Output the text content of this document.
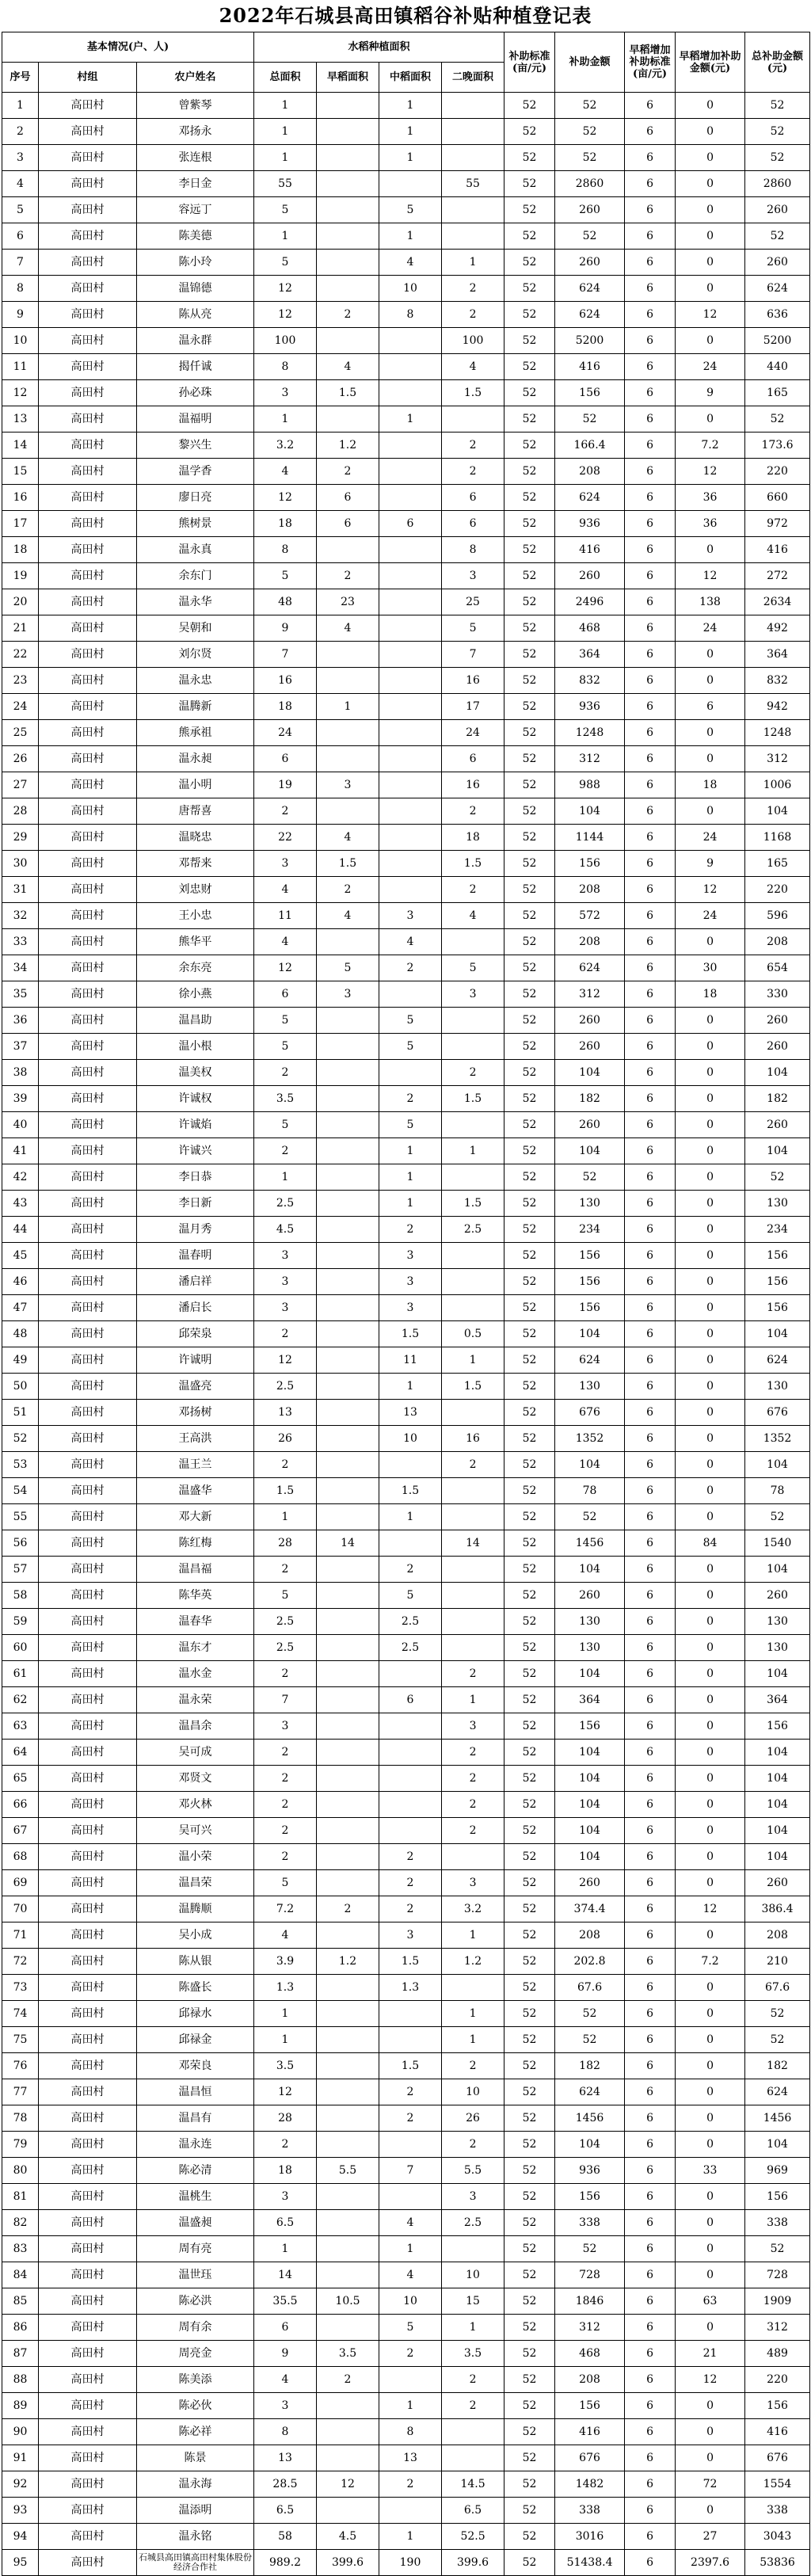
2022年石城县高田镇稻谷补贴种植登记表
基本情况(户、人)			水稻种植面积				补助标准(亩/元)	补助金额	早稻增加补助标准(亩/元)	早稻增加补助金额(元)	总补助金额(元)
序号	村组	农户姓名	总面积	早稻面积	中稻面积	二晚面积					
1	高田村	曾紫琴	1		1		52	52	6	0	52
2	高田村	邓扬永	1		1		52	52	6	0	52
3	高田村	张连根	1		1		52	52	6	0	52
4	高田村	李日金	55			55	52	2860	6	0	2860
5	高田村	容远丁	5		5		52	260	6	0	260
6	高田村	陈美德	1		1		52	52	6	0	52
7	高田村	陈小玲	5		4	1	52	260	6	0	260
8	高田村	温锦德	12		10	2	52	624	6	0	624
9	高田村	陈从亮	12	2	8	2	52	624	6	12	636
10	高田村	温永群	100			100	52	5200	6	0	5200
11	高田村	揭仟诚	8	4		4	52	416	6	24	440
12	高田村	孙必珠	3	1.5		1.5	52	156	6	9	165
13	高田村	温福明	1		1		52	52	6	0	52
14	高田村	黎兴生	3.2	1.2		2	52	166.4	6	7.2	173.6
15	高田村	温学香	4	2		2	52	208	6	12	220
16	高田村	廖日亮	12	6		6	52	624	6	36	660
17	高田村	熊树景	18	6	6	6	52	936	6	36	972
18	高田村	温永真	8			8	52	416	6	0	416
19	高田村	余东门	5	2		3	52	260	6	12	272
20	高田村	温永华	48	23		25	52	2496	6	138	2634
21	高田村	吴朝和	9	4		5	52	468	6	24	492
22	高田村	刘尔贤	7			7	52	364	6	0	364
23	高田村	温永忠	16			16	52	832	6	0	832
24	高田村	温腾新	18	1		17	52	936	6	6	942
25	高田村	熊承祖	24			24	52	1248	6	0	1248
26	高田村	温永昶	6			6	52	312	6	0	312
27	高田村	温小明	19	3		16	52	988	6	18	1006
28	高田村	唐帮喜	2			2	52	104	6	0	104
29	高田村	温晓忠	22	4		18	52	1144	6	24	1168
30	高田村	邓帮来	3	1.5		1.5	52	156	6	9	165
31	高田村	刘忠财	4	2		2	52	208	6	12	220
32	高田村	王小忠	11	4	3	4	52	572	6	24	596
33	高田村	熊华平	4		4		52	208	6	0	208
34	高田村	余东亮	12	5	2	5	52	624	6	30	654
35	高田村	徐小燕	6	3		3	52	312	6	18	330
36	高田村	温昌助	5		5		52	260	6	0	260
37	高田村	温小根	5		5		52	260	6	0	260
38	高田村	温美权	2			2	52	104	6	0	104
39	高田村	许诚权	3.5		2	1.5	52	182	6	0	182
40	高田村	许诚焰	5		5		52	260	6	0	260
41	高田村	许诚兴	2		1	1	52	104	6	0	104
42	高田村	李日恭	1		1		52	52	6	0	52
43	高田村	李日新	2.5		1	1.5	52	130	6	0	130
44	高田村	温月秀	4.5		2	2.5	52	234	6	0	234
45	高田村	温春明	3		3		52	156	6	0	156
46	高田村	潘启祥	3		3		52	156	6	0	156
47	高田村	潘启长	3		3		52	156	6	0	156
48	高田村	邱荣泉	2		1.5	0.5	52	104	6	0	104
49	高田村	许诚明	12		11	1	52	624	6	0	624
50	高田村	温盛亮	2.5		1	1.5	52	130	6	0	130
51	高田村	邓扬树	13		13		52	676	6	0	676
52	高田村	王高洪	26		10	16	52	1352	6	0	1352
53	高田村	温王兰	2			2	52	104	6	0	104
54	高田村	温盛华	1.5		1.5		52	78	6	0	78
55	高田村	邓大新	1		1		52	52	6	0	52
56	高田村	陈红梅	28	14		14	52	1456	6	84	1540
57	高田村	温昌福	2		2		52	104	6	0	104
58	高田村	陈华英	5		5		52	260	6	0	260
59	高田村	温春华	2.5		2.5		52	130	6	0	130
60	高田村	温东才	2.5		2.5		52	130	6	0	130
61	高田村	温水金	2			2	52	104	6	0	104
62	高田村	温永荣	7		6	1	52	364	6	0	364
63	高田村	温昌余	3			3	52	156	6	0	156
64	高田村	吴可成	2			2	52	104	6	0	104
65	高田村	邓贤文	2			2	52	104	6	0	104
66	高田村	邓火林	2			2	52	104	6	0	104
67	高田村	吴可兴	2			2	52	104	6	0	104
68	高田村	温小荣	2		2		52	104	6	0	104
69	高田村	温昌荣	5		2	3	52	260	6	0	260
70	高田村	温腾顺	7.2	2	2	3.2	52	374.4	6	12	386.4
71	高田村	吴小成	4		3	1	52	208	6	0	208
72	高田村	陈从银	3.9	1.2	1.5	1.2	52	202.8	6	7.2	210
73	高田村	陈盛长	1.3		1.3		52	67.6	6	0	67.6
74	高田村	邱禄水	1			1	52	52	6	0	52
75	高田村	邱禄金	1			1	52	52	6	0	52
76	高田村	邓荣良	3.5		1.5	2	52	182	6	0	182
77	高田村	温昌恒	12		2	10	52	624	6	0	624
78	高田村	温昌有	28		2	26	52	1456	6	0	1456
79	高田村	温永连	2			2	52	104	6	0	104
80	高田村	陈必清	18	5.5	7	5.5	52	936	6	33	969
81	高田村	温桃生	3			3	52	156	6	0	156
82	高田村	温盛昶	6.5		4	2.5	52	338	6	0	338
83	高田村	周有亮	1		1		52	52	6	0	52
84	高田村	温世珏	14		4	10	52	728	6	0	728
85	高田村	陈必洪	35.5	10.5	10	15	52	1846	6	63	1909
86	高田村	周有余	6		5	1	52	312	6	0	312
87	高田村	周亮金	9	3.5	2	3.5	52	468	6	21	489
88	高田村	陈美添	4	2		2	52	208	6	12	220
89	高田村	陈必伙	3		1	2	52	156	6	0	156
90	高田村	陈必祥	8		8		52	416	6	0	416
91	高田村	陈景	13		13		52	676	6	0	676
92	高田村	温永海	28.5	12	2	14.5	52	1482	6	72	1554
93	高田村	温添明	6.5			6.5	52	338	6	0	338
94	高田村	温永铭	58	4.5	1	52.5	52	3016	6	27	3043
95	高田村	石城县高田镇高田村集体股份经济合作社	989.2	399.6	190	399.6	52	51438.4	6	2397.6	53836
